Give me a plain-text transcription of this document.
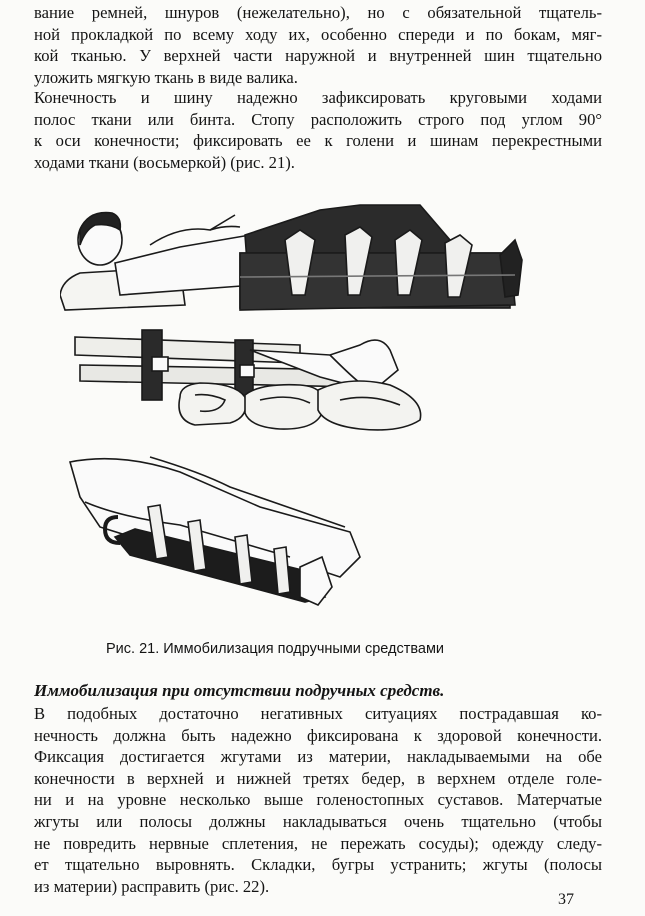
вание ремней, шнуров (нежелательно), но с обязательной тщатель-
ной прокладкой по всему ходу их, особенно спереди и по бокам, мяг-
кой тканью. У верхней части наружной и внутренней шин тщательно
уложить мягкую ткань в виде валика.

Конечность и шину надежно зафиксировать круговыми ходами
полос ткани или бинта. Стопу расположить строго под углом 90°
к оси конечности; фиксировать ее к голени и шинам перекрестными
ходами ткани (восьмеркой) (рис. 21).

Рис. 21. Иммобилизация подручными средствами

Иммобилизация при отсутствии подручных средств.

В подобных достаточно негативных ситуациях пострадавшая ко-
нечность должна быть надежно фиксирована к здоровой конечности.
Фиксация достигается жгутами из материи, накладываемыми на обе
конечности в верхней и нижней третях бедер, в верхнем отделе голе-
ни и на уровне несколько выше голеностопных суставов. Матерчатые
жгуты или полосы должны накладываться очень тщательно (чтобы
не повредить нервные сплетения, не пережать сосуды); одежду следу-
ет тщательно выровнять. Складки, бугры устранить; жгуты (полосы
из материи) расправить (рис. 22).

37
